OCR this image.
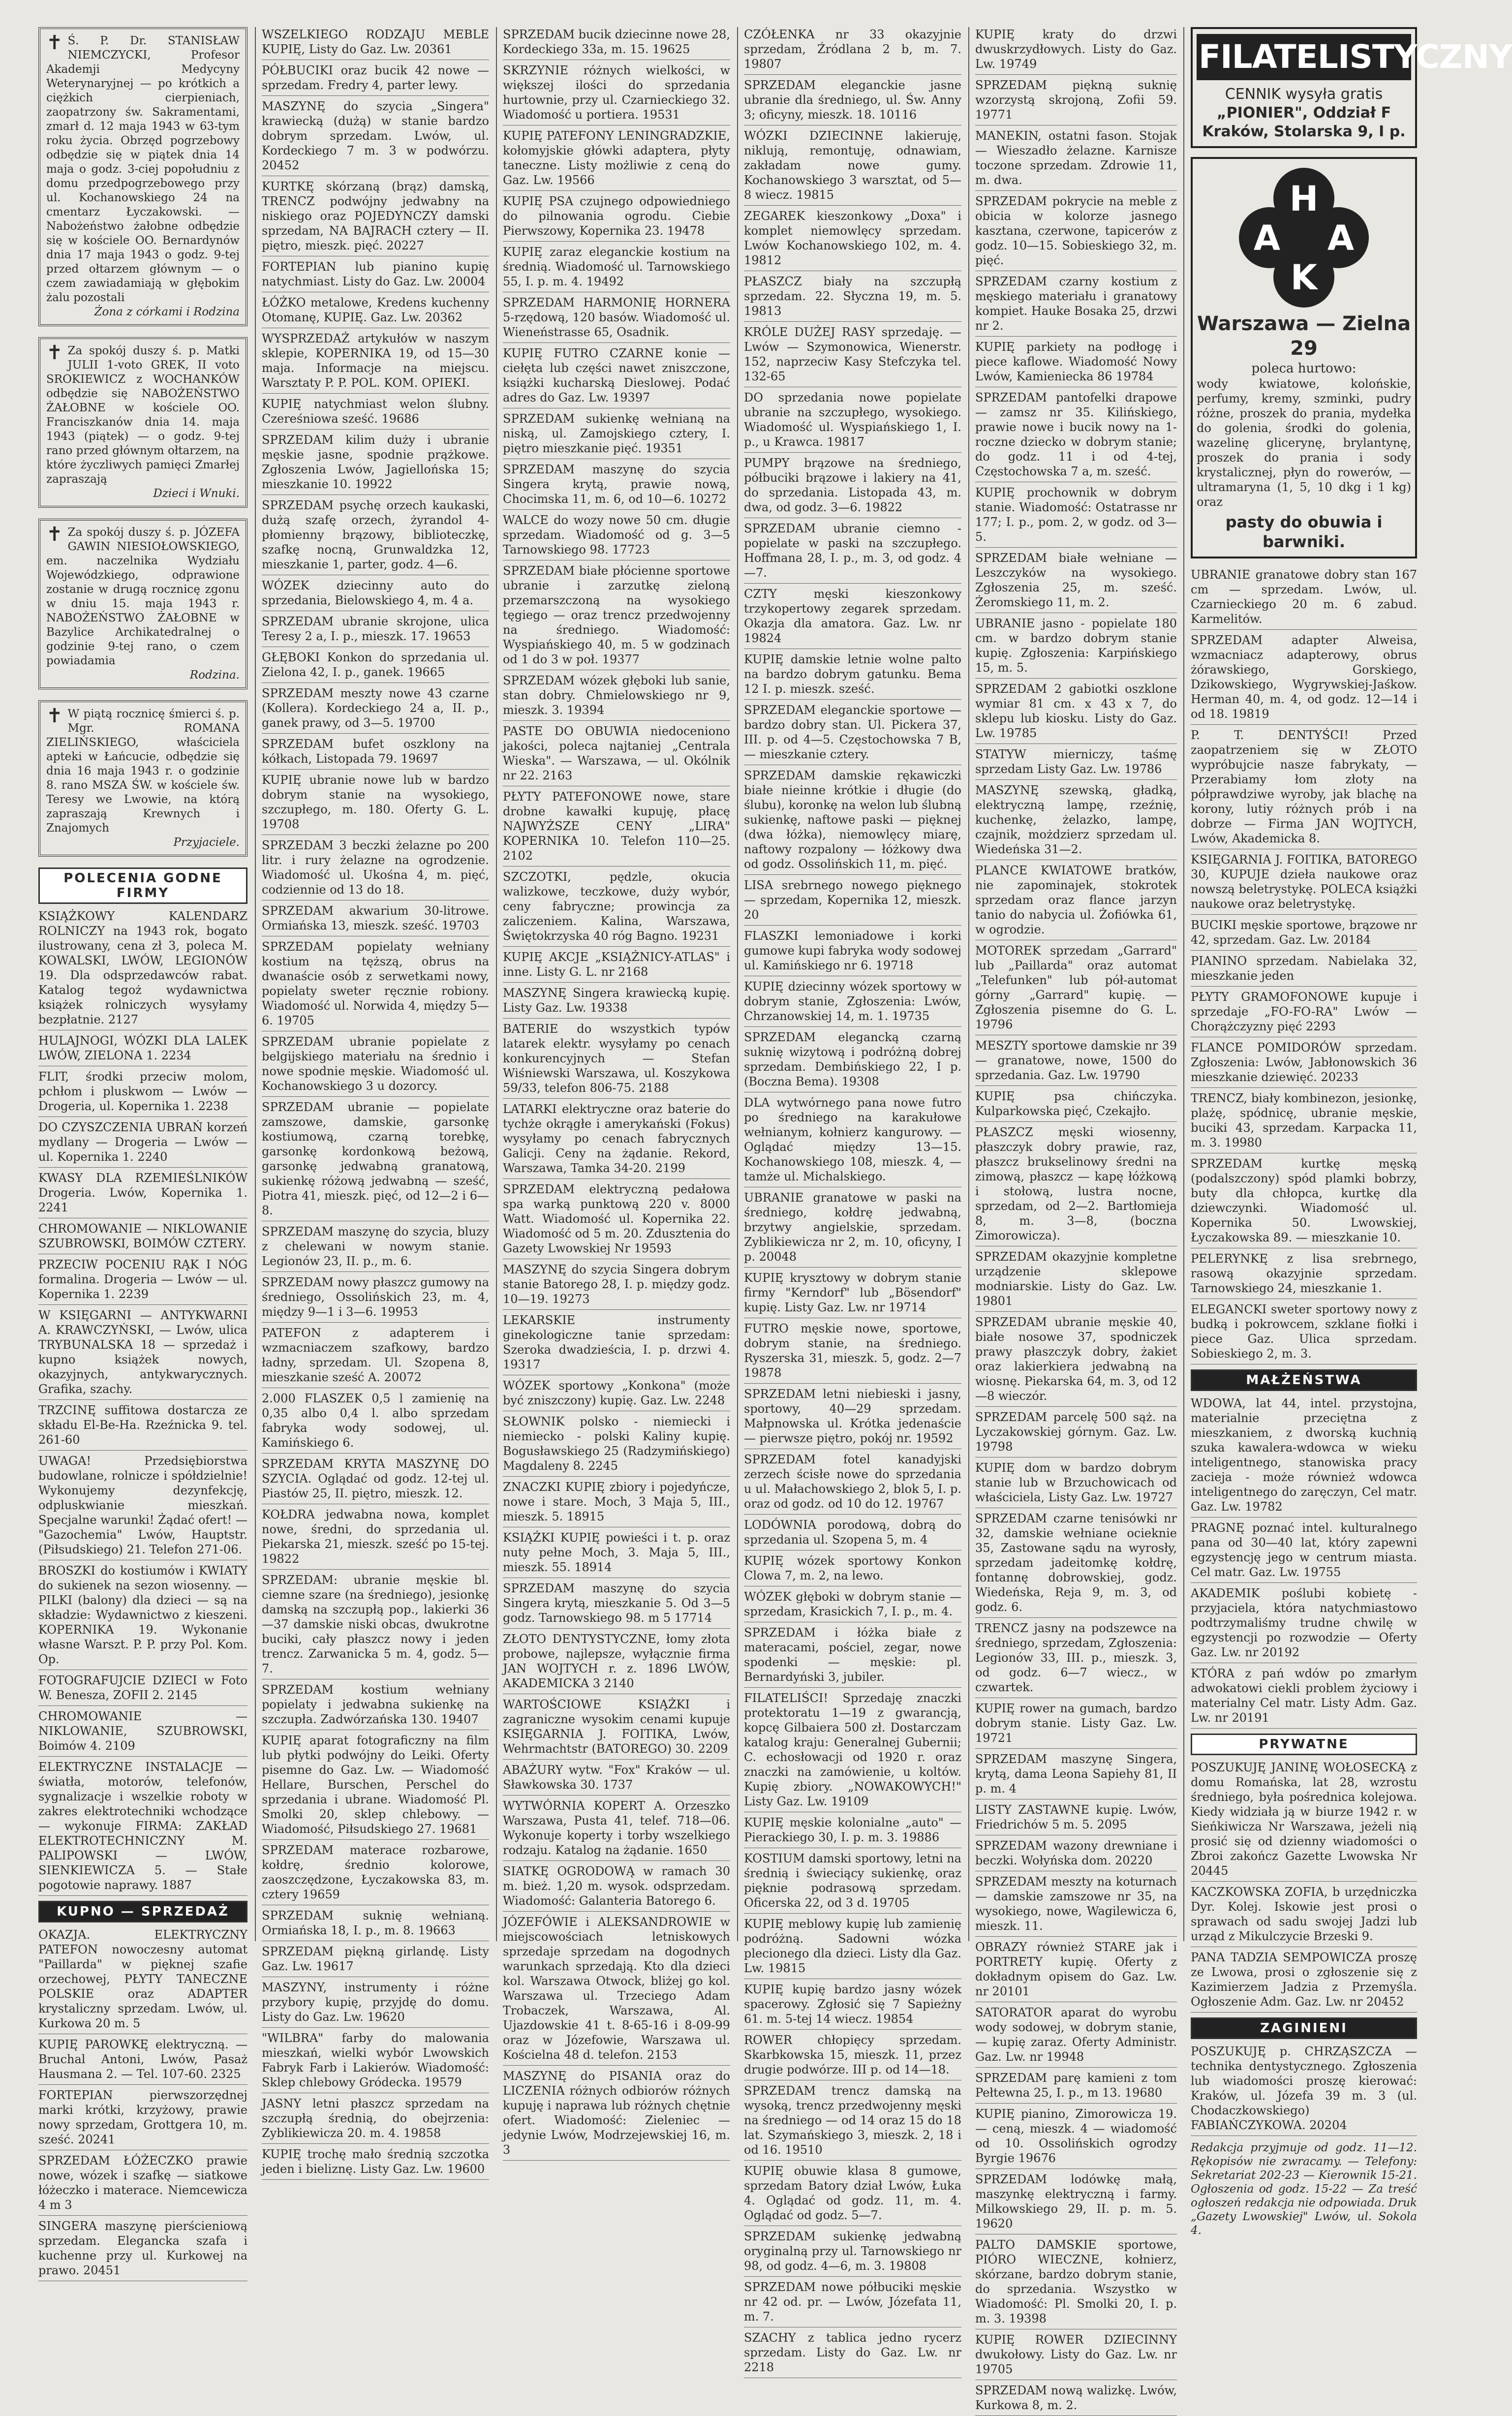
✝ Ś. P. Dr. STANISŁAW NIEMCZYCKI, Profesor Akademji Medycyny Weterynaryjnej — po krótkich a ciężkich cierpieniach, zaopatrzony św. Sakramentami, zmarł d. 12 maja 1943 w 63-tym roku życia. Obrzęd pogrzebowy odbędzie się w piątek dnia 14 maja o godz. 3-ciej popołudniu z domu przedpogrzebowego przy ul. Kochanowskiego 24 na cmentarz Łyczakowski. — Nabożeństwo żałobne odbędzie się w kościele OO. Bernardynów dnia 17 maja 1943 o godz. 9-tej przed ołtarzem głównym — o czem zawiadamiają w głębokim żalu pozostali
Żona z córkami i Rodzina
✝ Za spokój duszy ś. p. Matki JULII 1-voto GREK, II voto SROKIEWICZ z WOCHANKÓW odbędzie się NABOŻEŃSTWO ŻAŁOBNE w kościele OO. Franciszkanów dnia 14. maja 1943 (piątek) — o godz. 9-tej rano przed głównym ołtarzem, na które życzliwych pamięci Zmarłej zapraszają
Dzieci i Wnuki.
✝ Za spokój duszy ś. p. JÓZEFA GAWIN NIESIOŁOWSKIEGO, em. naczelnika Wydziału Wojewódzkiego, odprawione zostanie w drugą rocznicę zgonu w dniu 15. maja 1943 r. NABOŻEŃSTWO ŻAŁOBNE w Bazylice Archikatedralnej o godzinie 9-tej rano, o czem powiadamia
Rodzina.
✝ W piątą rocznicę śmierci ś. p. Mgr. ROMANA ZIELIŃSKIEGO, właściciela apteki w Łańcucie, odbędzie się dnia 16 maja 1943 r. o godzinie 8. rano MSZA ŚW. w kościele św. Teresy we Lwowie, na którą zapraszają Krewnych i Znajomych
Przyjaciele.
POLECENIA GODNE FIRMY
KSIĄŻKOWY KALENDARZ ROLNICZY na 1943 rok, bogato ilustrowany, cena zł 3, poleca M. KOWALSKI, LWÓW, LEGIONÓW 19. Dla odsprzedawców rabat. Katalog tegoż wydawnictwa książek rolniczych wysyłamy bezpłatnie. 2127
HULAJNOGI, WÓZKI DLA LALEK LWÓW, ZIELONA 1. 2234
FLIT, środki przeciw molom, pchłom i pluskwom — Lwów — Drogeria, ul. Kopernika 1. 2238
DO CZYSZCZENIA UBRAŃ korzeń mydlany — Drogeria — Lwów — ul. Kopernika 1. 2240
KWASY DLA RZEMIEŚLNIKÓW Drogeria. Lwów, Kopernika 1. 2241
CHROMOWANIE — NIKLOWANIE SZUBROWSKI, BOIMÓW CZTERY.
PRZECIW POCENIU RĄK I NÓG formalina. Drogeria — Lwów — ul. Kopernika 1. 2239
W KSIĘGARNI — ANTYKWARNI A. KRAWCZYŃSKI, — Lwów, ulica TRYBUNALSKA 18 — sprzedaż i kupno książek nowych, okazyjnych, antykwarycznych. Grafika, szachy.
TRZCINĘ suffitowa dostarcza ze składu El-Be-Ha. Rzeźnicka 9. tel. 261-60
UWAGA! Przedsiębiorstwa budowlane, rolnicze i spółdzielnie! Wykonujemy dezynfekcję, odpluskwianie mieszkań. Specjalne warunki! Żądać ofert! — "Gazochemia" Lwów, Hauptstr. (Piłsudskiego) 21. Telefon 271-06.
BROSZKI do kostiumów i KWIATY do sukienek na sezon wiosenny. — PILKI (balony) dla dzieci — są na składzie: Wydawnictwo z kieszeni. KOPERNIKA 19. Wykonanie własne Warszt. P. P. przy Pol. Kom. Op.
FOTOGRAFUJCIE DZIECI w Foto W. Benesza, ZOFII 2. 2145
CHROMOWANIE — NIKLOWANIE, SZUBROWSKI, Boimów 4. 2109
ELEKTRYCZNE INSTALACJE — światła, motorów, telefonów, sygnalizacje i wszelkie roboty w zakres elektrotechniki wchodzące — wykonuje FIRMA: ZAKŁAD ELEKTROTECHNICZNY M. PALIPOWSKI — LWÓW, SIENKIEWICZA 5. — Stałe pogotowie naprawy. 1887
KUPNO — SPRZEDAŻ
OKAZJA. ELEKTRYCZNY PATEFON nowoczesny automat "Paillarda" w pięknej szafie orzechowej, PŁYTY TANECZNE POLSKIE oraz ADAPTER krystaliczny sprzedam. Lwów, ul. Kurkowa 20 m. 5
KUPIĘ PAROWKĘ elektryczną. — Bruchal Antoni, Lwów, Pasaż Hausmana 2. — Tel. 107-60. 2325
FORTEPIAN pierwszorzędnej marki krótki, krzyżowy, prawie nowy sprzedam, Grottgera 10, m. sześć. 20241
SPRZEDAM ŁÓŻECZKO prawie nowe, wózek i szafkę — siatkowe łóżeczko i materace. Niemcewicza 4 m 3
SINGERA maszynę pierścieniową sprzedam. Elegancka szafa i kuchenne przy ul. Kurkowej na prawo. 20451
WSZELKIEGO RODZAJU MEBLE KUPIĘ, Listy do Gaz. Lw. 20361
PÓŁBUCIKI oraz bucik 42 nowe — sprzedam. Fredry 4, parter lewy.
MASZYNĘ do szycia „Singera" krawiecką (dużą) w stanie bardzo dobrym sprzedam. Lwów, ul. Kordeckiego 7 m. 3 w podwórzu. 20452
KURTKĘ skórzaną (brąz) damską, TRENCZ podwójny jedwabny na niskiego oraz POJEDYNCZY damski sprzedam, NA BAJRACH cztery — II. piętro, mieszk. pięć. 20227
FORTEPIAN lub pianino kupię natychmiast. Listy do Gaz. Lw. 20004
ŁÓŻKO metalowe, Kredens kuchenny Otomanę, KUPIĘ. Gaz. Lw. 20362
WYSPRZEDAŻ artykułów w naszym sklepie, KOPERNIKA 19, od 15—30 maja. Informacje na miejscu. Warsztaty P. P. POL. KOM. OPIEKI.
KUPIĘ natychmiast welon ślubny. Czereśniowa sześć. 19686
SPRZEDAM kilim duży i ubranie męskie jasne, spodnie prążkowe. Zgłoszenia Lwów, Jagiellońska 15; mieszkanie 10. 19922
SPRZEDAM psychę orzech kaukaski, dużą szafę orzech, żyrandol 4-płomienny brązowy, biblioteczkę, szafkę nocną, Grunwaldzka 12, mieszkanie 1, parter, godz. 4—6.
WÓZEK dziecinny auto do sprzedania, Bielowskiego 4, m. 4 a.
SPRZEDAM ubranie skrojone, ulica Teresy 2 a, I. p., mieszk. 17. 19653
GŁĘBOKI Konkon do sprzedania ul. Zielona 42, I. p., ganek. 19665
SPRZEDAM meszty nowe 43 czarne (Kollera). Kordeckiego 24 a, II. p., ganek prawy, od 3—5. 19700
SPRZEDAM bufet oszklony na kółkach, Listopada 79. 19697
KUPIĘ ubranie nowe lub w bardzo dobrym stanie na wysokiego, szczupłego, m. 180. Oferty G. L. 19708
SPRZEDAM 3 beczki żelazne po 200 litr. i rury żelazne na ogrodzenie. Wiadomość ul. Ukośna 4, m. pięć, codziennie od 13 do 18.
SPRZEDAM akwarium 30-litrowe. Ormiańska 13, mieszk. sześć. 19703
SPRZEDAM popielaty wełniany kostium na tęższą, obrus na dwanaście osób z serwetkami nowy, popielaty sweter ręcznie robiony. Wiadomość ul. Norwida 4, między 5—6. 19705
SPRZEDAM ubranie popielate z belgijskiego materiału na średnio i nowe spodnie męskie. Wiadomość ul. Kochanowskiego 3 u dozorcy.
SPRZEDAM ubranie — popielate zamszowe, damskie, garsonkę kostiumową, czarną torebkę, garsonkę kordonkową beżową, garsonkę jedwabną granatową, sukienkę różową jedwabną — sześć, Piotra 41, mieszk. pięć, od 12—2 i 6—8.
SPRZEDAM maszynę do szycia, bluzy z chelewani w nowym stanie. Legionów 23, II. p., m. 6.
SPRZEDAM nowy płaszcz gumowy na średniego, Ossolińskich 23, m. 4, między 9—1 i 3—6. 19953
PATEFON z adapterem i wzmacniaczem szafkowy, bardzo ładny, sprzedam. Ul. Szopena 8, mieszkanie sześć A. 20072
2.000 FLASZEK 0,5 l zamienię na 0,35 albo 0,4 l. albo sprzedam fabryka wody sodowej, ul. Kamińskiego 6.
SPRZEDAM KRYTA MASZYNĘ DO SZYCIA. Oglądać od godz. 12-tej ul. Piastów 25, II. piętro, mieszk. 12.
KOŁDRA jedwabna nowa, komplet nowe, średni, do sprzedania ul. Piekarska 21, mieszk. sześć po 15-tej. 19822
SPRZEDAM: ubranie męskie bl. ciemne szare (na średniego), jesionkę damską na szczupłą pop., lakierki 36—37 damskie niski obcas, dwukrotne buciki, cały płaszcz nowy i jeden trencz. Zarwanicka 5 m. 4, godz. 5—7.
SPRZEDAM kostium wełniany popielaty i jedwabna sukienkę na szczupła. Zadwórzańska 130. 19407
KUPIĘ aparat fotograficzny na film lub płytki podwójny do Leiki. Oferty pisemne do Gaz. Lw. — Wiadomość Hellare, Burschen, Perschel do sprzedania i ubrane. Wiadomość Pl. Smolki 20, sklep chlebowy. — Wiadomość, Piłsudskiego 27. 19681
SPRZEDAM materace rozbarowe, kołdrę, średnio kolorowe, zaoszczędzone, Łyczakowska 83, m. cztery 19659
SPRZEDAM suknię wełnianą. Ormiańska 18, I. p., m. 8. 19663
SPRZEDAM piękną girlandę. Listy Gaz. Lw. 19617
MASZYNY, instrumenty i różne przybory kupię, przyjdę do domu. Listy do Gaz. Lw. 19620
"WILBRA" farby do malowania mieszkań, wielki wybór Lwowskich Fabryk Farb i Lakierów. Wiadomość: Sklep chlebowy Gródecka. 19579
JASNY letni płaszcz sprzedam na szczupłą średnią, do obejrzenia: Zyblikiewicza 20. m. 4. 19858
KUPIĘ trochę mało średnią szczotka jeden i bieliznę. Listy Gaz. Lw. 19600
SPRZEDAM bucik dziecinne nowe 28, Kordeckiego 33a, m. 15. 19625
SKRZYNIE różnych wielkości, w większej ilości do sprzedania hurtownie, przy ul. Czarnieckiego 32. Wiadomość u portiera. 19531
KUPIĘ PATEFONY LENINGRADZKIE, kołomyjskie główki adaptera, płyty taneczne. Listy możliwie z ceną do Gaz. Lw. 19566
KUPIĘ PSA czujnego odpowiedniego do pilnowania ogrodu. Ciebie Pierwszowy, Kopernika 23. 19478
KUPIĘ zaraz eleganckie kostium na średnią. Wiadomość ul. Tarnowskiego 55, I. p. m. 4. 19492
SPRZEDAM HARMONIĘ HORNERA 5-rzędową, 120 basów. Wiadomość ul. Wieneństrasse 65, Osadnik.
KUPIĘ FUTRO CZARNE konie — ciełęta lub części nawet zniszczone, książki kucharską Dieslowej. Podać adres do Gaz. Lw. 19397
SPRZEDAM sukienkę wełnianą na niską, ul. Zamojskiego cztery, I. piętro mieszkanie pięć. 19351
SPRZEDAM maszynę do szycia Singera krytą, prawie nową, Chocimska 11, m. 6, od 10—6. 10272
WALCE do wozy nowe 50 cm. długie sprzedam. Wiadomość od g. 3—5 Tarnowskiego 98. 17723
SPRZEDAM białe płóciennе sportowe ubranie i zarzutkę zieloną przemarszczoną na wysokiego tęgiego — oraz trencz przedwojenny na średniego. Wiadomość: Wyspiańskiego 40, m. 5 w godzinach od 1 do 3 w poł. 19377
SPRZEDAM wózek głęboki lub sanie, stan dobry. Chmielowskiego nr 9, mieszk. 3. 19394
PASTE DO OBUWIA niedoceniono jakości, poleca najtaniej „Centrala Wieska". — Warszawa, — ul. Okólnik nr 22. 2163
PŁYTY PATEFONOWE nowe, stare drobne kawałki kupuję, płacę NAJWYŻSZE CENY „LIRA" KOPERNIKA 10. Telefon 110—25. 2102
SZCZOTKI, pędzle, okucia walizkowe, teczkowe, duży wybór, ceny fabryczne; prowincja za zaliczeniem. Kalina, Warszawa, Świętokrzyska 40 róg Bagno. 19231
KUPIĘ AKCJE „KSIĄŻNICY-ATLAS" i inne. Listy G. L. nr 2168
MASZYNĘ Singera krawiecką kupię. Listy Gaz. Lw. 19338
BATERIE do wszystkich typów latarek elektr. wysyłamy po cenach konkurencyjnych — Stefan Wiśniewski Warszawa, ul. Koszykowa 59/33, telefon 806-75. 2188
LATARKI elektryczne oraz baterie do tychże okrągłe i amerykański (Fokus) wysyłamy po cenach fabrycznych Galicji. Ceny na żądanie. Rekord, Warszawa, Tamka 34-20. 2199
SPRZEDAM elektryczną pedałowa spa warką punktową 220 v. 8000 Watt. Wiadomość ul. Kopernika 22. Wiadomość od 5 m. 20. Zdusztenia do Gazety Lwowskiej Nr 19593
MASZYNĘ do szycia Singera dobrym stanie Batorego 28, I. p. między godz. 10—19. 19273
LEKARSKIE instrumenty ginekologiczne tanie sprzedam: Szeroka dwadzieścia, I. p. drzwi 4. 19317
WÓZEK sportowy „Konkona" (może być zniszczony) kupię. Gaz. Lw. 2248
SŁOWNIK polsko - niemiecki i niemiecko - polski Kaliny kupię. Bogusławskiego 25 (Radzymińskiego) Magdaleny 8. 2245
ZNACZKI KUPIĘ zbiory i pojedyńcze, nowe i stare. Moch, 3 Maja 5, III., mieszk. 5. 18915
KSIĄŻKI KUPIĘ powieści i t. p. oraz nuty pełne Moch, 3. Maja 5, III., mieszk. 55. 18914
SPRZEDAM maszynę do szycia Singera krytą, mieszkanie 5. Od 3—5 godz. Tarnowskiego 98. m 5 17714
ZŁOTO DENTYSTYCZNE, łomy złota probowe, najlepsze, wyłącznie firma JAN WOJTYCH r. z. 1896 LWÓW, AKADEMICKA 3 2140
WARTOŚCIOWE KSIĄŻKI i zagraniczne wysokim cenami kupuje KSIĘGARNIA J. FOITIKA, Lwów, Wehrmachtstr (BATOREGO) 30. 2209
ABAŻURY wytw. "Fox" Kraków — ul. Sławkowska 30. 1737
WYTWÓRNIA KOPERT A. Orzeszko Warszawa, Pusta 41, telef. 718—06. Wykonuje koperty i torby wszelkiego rodzaju. Katalog na żądanie. 1650
SIATKĘ OGRODOWĄ w ramach 30 m. bież. 1,20 m. wysok. odsprzedam. Wiadomość: Galanteria Batorego 6.
JÓZEFÓWIE i ALEKSANDROWIE w miejscowościach letniskowych sprzedaje sprzedam na dogodnych warunkach sprzedają. Kto dla dzieci kol. Warszawa Otwock, bliżej go kol. Warszawa ul. Trzeciego Adam Trobaczek, Warszawa, Al. Ujazdowskie 41 t. 8-65-16 i 8-09-99 oraz w Józefowie, Warszawa ul. Kościelna 48 d. telefon. 2153
MASZYNĘ do PISANIA oraz do LICZENIA różnych odbiorów różnych kupuję i naprawa lub różnych chętnie ofert. Wiadomość: Zieleniec — jedynie Lwów, Modrzejewskiej 16, m. 3
CZÓŁENKA nr 33 okazyjnie sprzedam, Źródlana 2 b, m. 7. 19807
SPRZEDAM eleganckie jasne ubranie dla średniego, ul. Św. Anny 3; oficyny, mieszk. 18. 10116
WÓZKI DZIECINNE lakieruję, niklują, remontuję, odnawiam, zakładam nowe gumy. Kochanowskiego 3 warsztat, od 5—8 wiecz. 19815
ZEGAREK kieszonkowy „Doxa" i komplet niemowlęcy sprzedam. Lwów Kochanowskiego 102, m. 4. 19812
PŁASZCZ biały na szczupłą sprzedam. 22. Słyczna 19, m. 5. 19813
KRÓLE DUŻEJ RASY sprzedaję. — Lwów — Szymonowica, Wienerstr. 152, naprzeciw Kasy Stefczyka tel. 132-65
DO sprzedania nowe popielate ubranie na szczupłego, wysokiego. Wiadomość ul. Wyspiańskiego 1, I. p., u Krawca. 19817
PUMPY brązowe na średniego, półbuciki brązowe i lakiery na 41, do sprzedania. Listopada 43, m. dwa, od godz. 3—6. 19822
SPRZEDAM ubranie ciemno - popielate w paski na szczupłego. Hoffmana 28, I. p., m. 3, od godz. 4—7.
CZTY męski kieszonkowy trzykopertowy zegarek sprzedam. Okazja dla amatora. Gaz. Lw. nr 19824
KUPIĘ damskie letnie wolne palto na bardzo dobrym gatunku. Bema 12 I. p. mieszk. sześć.
SPRZEDAM eleganckie sportowe — bardzo dobry stan. Ul. Pickera 37, III. p. od 4—5. Częstochowska 7 B, — mieszkanie cztery.
SPRZEDAM damskie rękawiczki białe nieinne krótkie i długie (do ślubu), koronkę na welon lub ślubną sukienkę, naftowe paski — pięknej (dwa łóżka), niemowlęcy miarę, naftowy rozpalony — łóżkowy dwa od godz. Ossolińskich 11, m. pięć.
LISA srebrnego nowego pięknego — sprzedam, Kopernika 12, mieszk. 20
FLASZKI lemoniadowe i korki gumowe kupi fabryka wody sodowej ul. Kamińskiego nr 6. 19718
KUPIĘ dziecinny wózek sportowy w dobrym stanie, Zgłoszenia: Lwów, Chrzanowskiej 14, m. 1. 19735
SPRZEDAM elegancką czarną suknię wizytową i podróżną dobrej sprzedam. Dembińskiego 22, I p. (Boczna Bema). 19308
DLA wytwórnego pana nowe futro po średniego na karakułowe wełnianym, kołnierz kangurowy. — Oglądać między 13—15. Kochanowskiego 108, mieszk. 4, — tamże ul. Michalskiego.
UBRANIE granatowe w paski na średniego, kołdrę jedwabną, brzytwy angielskie, sprzedam. Zyblikiewicza nr 2, m. 10, oficyny, I p. 20048
KUPIĘ krysztowy w dobrym stanie firmy "Kerndorf" lub „Bösendorf" kupię. Listy Gaz. Lw. nr 19714
FUTRO męskie nowe, sportowe, dobrym stanie, na średniego. Ryszerska 31, mieszk. 5, godz. 2—7 19878
SPRZEDAM letni niebieski i jasny, sportowy, 40—29 sprzedam. Małpnowska ul. Krótka jedenaście — pierwsze piętro, pokój nr. 19592
SPRZEDAM fotel kanadyjski zerzech ścisłe nowe do sprzedania u ul. Małachowskiego 2, blok 5, I. p. oraz od godz. od 10 do 12. 19767
LODÓWNIA porodową, dobrą do sprzedania ul. Szopena 5, m. 4
KUPIĘ wózek sportowy Konkon Clowa 7, m. 2, na lewo.
WÓZEK głęboki w dobrym stanie — sprzedam, Krasickich 7, I. p., m. 4.
SPRZEDAM i łóżka białe z materacami, pościel, zegar, nowe spodenki — męskie: pl. Bernardyński 3, jubiler.
FILATELIŚCI! Sprzedaję znaczki protektoratu 1—19 z gwarancją, kopcę Gilbaiera 500 zł. Dostarczam katalog kraju: Generalnej Gubernii; C. echosłowacji od 1920 r. oraz znaczki na zamówienie, u koltów. Kupię zbiory. „NOWAKOWYCH!" Listy Gaz. Lw. 19109
KUPIĘ męskie kolonialne „auto" — Pierackiego 30, I. p. m. 3. 19886
KOSTIUM damski sportowy, letni na średnią i świeciący sukienkę, oraz pięknie podrasową sprzedam. Oficerska 22, od 3 d. 19705
KUPIĘ meblowy kupię lub zamienię podróżną. Sadowni wózka plecionego dla dzieci. Listy dla Gaz. Lw. 19815
KUPIĘ kupię bardzo jasny wózek spacerowy. Zgłosić się 7 Sapieżny 61. m. 5-tej 14 wiecz. 19854
ROWER chłopięcy sprzedam. Skarbkowska 15, mieszk. 11, przez drugie podwórze. III p. od 14—18.
SPRZEDAM trencz damską na wysoką, trencz przedwojenny męski na średniego — od 14 oraz 15 do 18 lat. Szymańskiego 3, mieszk. 2, 18 i od 16. 19510
KUPIĘ obuwie klasa 8 gumowe, sprzedam Batory dział Lwów, Łuka 4. Oglądać od godz. 11, m. 4. Oglądać od godz. 5—7.
SPRZEDAM sukienkę jedwabną oryginalną przy ul. Tarnowskiego nr 98, od godz. 4—6, m. 3. 19808
SPRZEDAM nowe półbuciki męskie nr 42 od. pr. — Lwów, Józefata 11, m. 7.
SZACHY z tablica jedno rycerz sprzedam. Listy do Gaz. Lw. nr 2218
KUPIĘ kraty do drzwi dwuskrzydłowych. Listy do Gaz. Lw. 19749
SPRZEDAM piękną suknię wzorzystą skrojoną, Zofii 59. 19771
MANEKIN, ostatni fason. Stojak — Wieszadło żelazne. Karnisze toczone sprzedam. Zdrowie 11, m. dwa.
SPRZEDAM pokrycie na meble z obicia w kolorze jasnego kasztana, czerwone, tapicerów z godz. 10—15. Sobieskiego 32, m. pięć.
SPRZEDAM czarny kostium z męskiego materiału i granatowy kompiet. Hauke Bosaka 25, drzwi nr 2.
KUPIĘ parkiety na podłogę i piece kaflowe. Wiadomość Nowy Lwów, Kamieniecka 86 19784
SPRZEDAM pantofelki drapowe — zamsz nr 35. Kilińskiego, prawie nowe i bucik nowy na 1-roczne dziecko w dobrym stanie; do godz. 11 i od 4-tej, Częstochowska 7 a, m. sześć.
KUPIĘ prochownik w dobrym stanie. Wiadomość: Ostatrasse nr 177; I. p., pom. 2, w godz. od 3—5.
SPRZEDAM białe wełniane — Leszczyków na wysokiego. Zgłoszenia 25, m. sześć. Żeromskiego 11, m. 2.
UBRANIE jasno - popielate 180 cm. w bardzo dobrym stanie kupię. Zgłoszenia: Karpińskiego 15, m. 5.
SPRZEDAM 2 gabiotki oszklone wymiar 81 cm. x 43 x 7, do sklepu lub kiosku. Listy do Gaz. Lw. 19785
STATYW mierniczy, taśmę sprzedam Listy Gaz. Lw. 19786
MASZYNĘ szewską, gładką, elektryczną lampę, rzeźnię, kuchenkę, żelazko, lampę, czajnik, możdzierz sprzedam ul. Wiedeńska 31—2.
PLANCE KWIATOWE bratków, nie zapominajek, stokrotek sprzedam oraz flance jarzyn tanio do nabycia ul. Żofiówka 61, w ogrodzie.
MOTOREK sprzedam „Garrard" lub „Paillarda" oraz automat „Telefunken" lub pół-automat górny „Garrard" kupię. — Zgłoszenia pisemne do G. L. 19796
MESZTY sportowe damskie nr 39 — granatowe, nowe, 1500 do sprzedania. Gaz. Lw. 19790
KUPIĘ psa chińczyka. Kulparkowska pięć, Czekajło.
PŁASZCZ męski wiosenny, płaszczyk dobry prawie, raz, płaszcz brukselinowy średni na zimową, płaszcz — kapę łóżkową i stołową, lustra nocne, sprzedam, od 2—2. Bartłomieja 8, m. 3—8, (boczna Zimorowicza).
SPRZEDAM okazyjnie kompletne urządzenie sklepowe modniarskie. Listy do Gaz. Lw. 19801
SPRZEDAM ubranie męskie 40, białe nosowe 37, spodniczek prawy płaszczyk dobry, żakiet oraz lakierkiera jedwabną na wiosnę. Piekarska 64, m. 3, od 12—8 wieczór.
SPRZEDAM parcelę 500 sąż. na Lyczakowskiej górnym. Gaz. Lw. 19798
KUPIĘ dom w bardzo dobrym stanie lub w Brzuchowicach od właściciela, Listy Gaz. Lw. 19727
SPRZEDAM czarne tenisówki nr 32, damskie wełniane ocieknie 35, Zastowane sądu na wyrosły, sprzedam jadeitomkę kołdrę, fontannę dobrowskiej, godz. Wiedeńska, Reja 9, m. 3, od godz. 6.
TRENCZ jasny na podszewce na średniego, sprzedam, Zgłoszenia: Legionów 33, III. p., mieszk. 3, od godz. 6—7 wiecz., w czwartek.
KUPIĘ rower na gumach, bardzo dobrym stanie. Listy Gaz. Lw. 19721
SPRZEDAM maszynę Singera, krytą, dama Leona Sapiehy 81, II p. m. 4
LISTY ZASTAWNE kupię. Lwów, Friedrichów 5 m. 5. 2095
SPRZEDAM wazony drewniane i beczki. Wołyńska dom. 20220
SPRZEDAM meszty na koturnach — damskie zamszowe nr 35, na wysokiego, nowe, Wagilewicza 6, mieszk. 11.
OBRAZY również STARE jak i PORTRETY kupię. Oferty z dokładnym opisem do Gaz. Lw. nr 20101
SATORATOR aparat do wyrobu wody sodowej, w dobrym stanie, — kupię zaraz. Oferty Administr. Gaz. Lw. nr 19948
SPRZEDAM parę kamieni z tom Pełtewna 25, I. p., m 13. 19680
KUPIĘ pianino, Zimorowicza 19. — ceną, mieszk. 4 — wiadomość od 10. Ossolińskich ogrodzy Byrgie 19676
SPRZEDAM lodówkę małą, maszynkę elektryczną i farmy. Milkowskiego 29, II. p. m. 5. 19620
PALTO DAMSKIE sportowe, PIÓRO WIECZNE, kołnierz, skórzane, bardzo dobrym stanie, do sprzedania. Wszystko w Wiadomość: Pl. Smolki 20, I. p. m. 3. 19398
KUPIĘ ROWER DZIECINNY dwukołowy. Listy do Gaz. Lw. nr 19705
SPRZEDAM nową walizkę. Lwów, Kurkowa 8, m. 2.
FILATELISTYCZNY
CENNIK wysyła gratis
„PIONIER", Oddział F
Kraków, Stolarska 9, I p.
H
A A
K
Warszawa — Zielna 29
poleca hurtowo:
wody kwiatowe, kolońskie, perfumy, kremy, szminki, pudry różne, proszek do prania, mydełka do golenia, środki do golenia, wazelinę glicerynę, brylantynę, proszek do prania i sody krystalicznej, płyn do rowerów, — ultramaryna (1, 5, 10 dkg i 1 kg) oraz
pasty do obuwia i barwniki.
UBRANIE granatowe dobry stan 167 cm — sprzedam. Lwów, ul. Czarnieckiego 20 m. 6 zabud. Karmelitów.
SPRZEDAM adapter Alweisa, wzmacniacz adapterowy, obrus żórawskiego, Gorskiego, Dzikowskiego, Wygrywskiej-Jaśkow. Herman 40, m. 4, od godz. 12—14 i od 18. 19819
P. T. DENTYŚCI! Przed zaopatrzeniem się w ZŁOTO wypróbujcie nasze fabrykaty, — Przerabiamy łom złoty na półprawdziwe wyroby, jak blachę na korony, lutiy różnych prób i na dobrze — Firma JAN WOJTYCH, Lwów, Akademicka 8.
KSIĘGARNIA J. FOITIKA, BATOREGO 30, KUPUJE dzieła naukowe oraz nowszą beletrystykę. POLECA książki naukowe oraz beletrystykę.
BUCIKI męskie sportowe, brązowe nr 42, sprzedam. Gaz. Lw. 20184
PIANINO sprzedam. Nabielaka 32, mieszkanie jeden
PŁYTY GRAMOFONOWE kupuje i sprzedaje „FO-FO-RA" Lwów — Chorążczyzny pięć 2293
FLANCE POMIDORÓW sprzedam. Zgłoszenia: Lwów, Jabłonowskich 36 mieszkanie dziewięć. 20233
TRENCZ, biały kombinezon, jesionkę, plażę, spódnicę, ubranie męskie, buciki 43, sprzedam. Karpacka 11, m. 3. 19980
SPRZEDAM kurtkę męską (podalszczony) spód plamki bobrzy, buty dla chłopca, kurtkę dla dziewczynki. Wiadomość ul. Kopernika 50. Lwowskiej, Łyczakowska 89. — mieszkanie 10.
PELERYNKĘ z lisa srebrnego, rasową okazyjnie sprzedam. Tarnowskiego 24, mieszkanie 1.
ELEGANCKI sweter sportowy nowy z budką i pokrowcem, szklane fiołki i piece Gaz. Ulica sprzedam. Sobieskiego 2, m. 3.
MAŁŻEŃSTWA
WDOWA, lat 44, intel. przystojna, materialnie przeciętna z mieszkaniem, z dworską kuchnią szuka kawalera-wdowca w wieku inteligentnego, stanowiska pracy zacieja - może również wdowca inteligentnego do zaręczyn, Cel matr. Gaz. Lw. 19782
PRAGNĘ poznać intel. kulturalnego pana od 30—40 lat, który zapewni egzystencję jego w centrum miasta. Cel matr. Gaz. Lw. 19755
AKADEMIK poślubi kobietę - przyjaciela, która natychmiastowo podtrzymaliśmy trudne chwilę w egzystencji po rozwodzie — Oferty Gaz. Lw. nr 20192
KTÓRA z pań wdów po zmarłym adwokatowi ciekli problem życiowy i materialny Cel matr. Listy Adm. Gaz. Lw. nr 20191
PRYWATNE
POSZUKUJĘ JANINĘ WOŁOSECKĄ z domu Romańska, lat 28, wzrostu średniego, była pośrednica kolejowa. Kiedy widziała ją w biurze 1942 r. w Sieńkiwicza Nr Warszawa, jeżeli nią prosić się od dzienny wiadomości o Zbroi zakończ Gazette Lwowska Nr 20445
KACZKOWSKA ZOFIA, b urzędniczka Dyr. Kolej. Iskowie jest prosi o sprawach od sadu swojej Jadzi lub urząd z Mikulczycie Brzeski 9.
PANA TADZIA SEMPOWICZA proszę ze Lwowa, prosi o zgłoszenie się z Kazimierzem Jadzia z Przemyśla. Ogłoszenie Adm. Gaz. Lw. nr 20452
ZAGINIENI
POSZUKUJĘ p. CHRZĄSZCZA — technika dentystycznego. Zgłoszenia lub wiadomości proszę kierować: Kraków, ul. Józefa 39 m. 3 (ul. Chodaczkowskiego) FABIAŃCZYKOWA. 20204
Redakcja przyjmuje od godz. 11—12. Rękopisów nie zwracamy. — Telefony: Sekretariat 202-23 — Kierownik 15-21. Ogłoszenia od godz. 15-22 — Za treść ogłoszeń redakcja nie odpowiada. Druk „Gazety Lwowskiej" Lwów, ul. Sokola 4.
